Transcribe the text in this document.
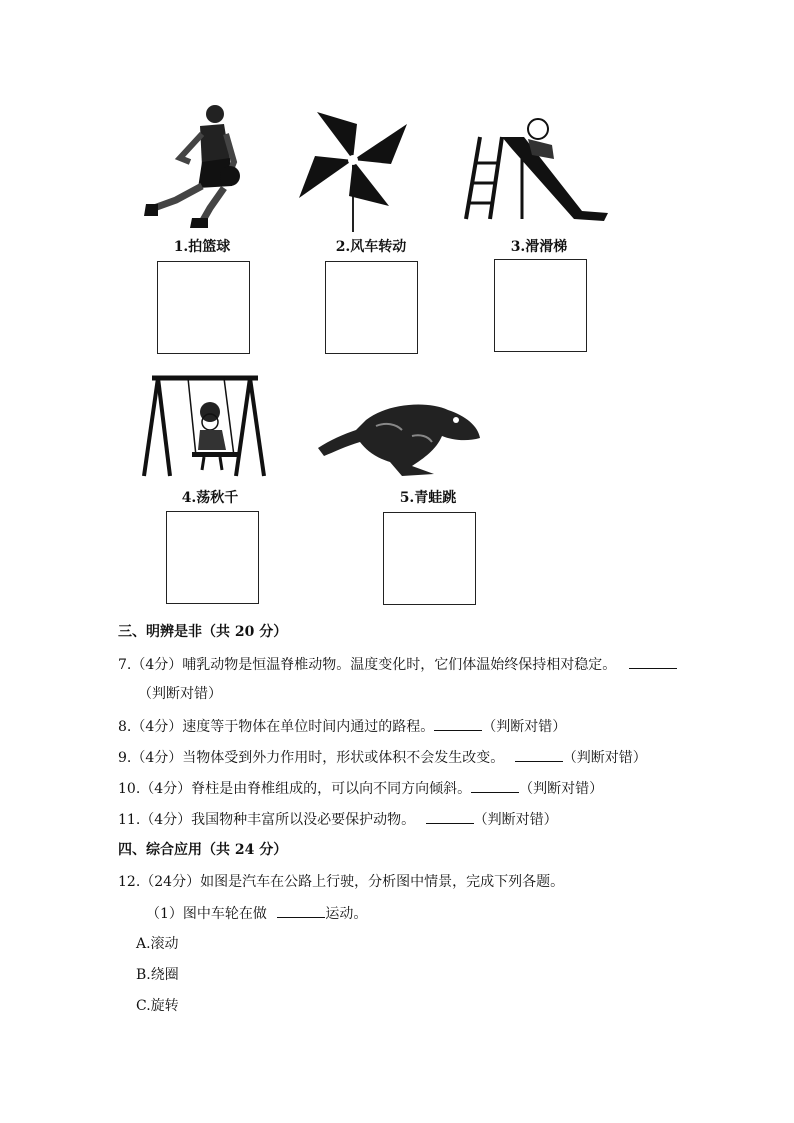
1.拍篮球	2.风车转动	3.滑滑梯
4.荡秋千	5.青蛙跳
三、明辨是非（共 20 分）
7.（4分）哺乳动物是恒温脊椎动物。温度变化时，它们体温始终保持相对稳定。
（判断对错）
8.（4分）速度等于物体在单位时间内通过的路程。	（判断对错）
9.（4分）当物体受到外力作用时，形状或体积不会发生改变。	（判断对错）
10.（4分）脊柱是由脊椎组成的，可以向不同方向倾斜。	（判断对错）
11.（4分）我国物种丰富所以没必要保护动物。	（判断对错）
四、综合应用（共 24 分）
12.（24分）如图是汽车在公路上行驶，分析图中情景，完成下列各题。
（1）图中车轮在做	运动。
A.滚动
B.绕圈
C.旋转
